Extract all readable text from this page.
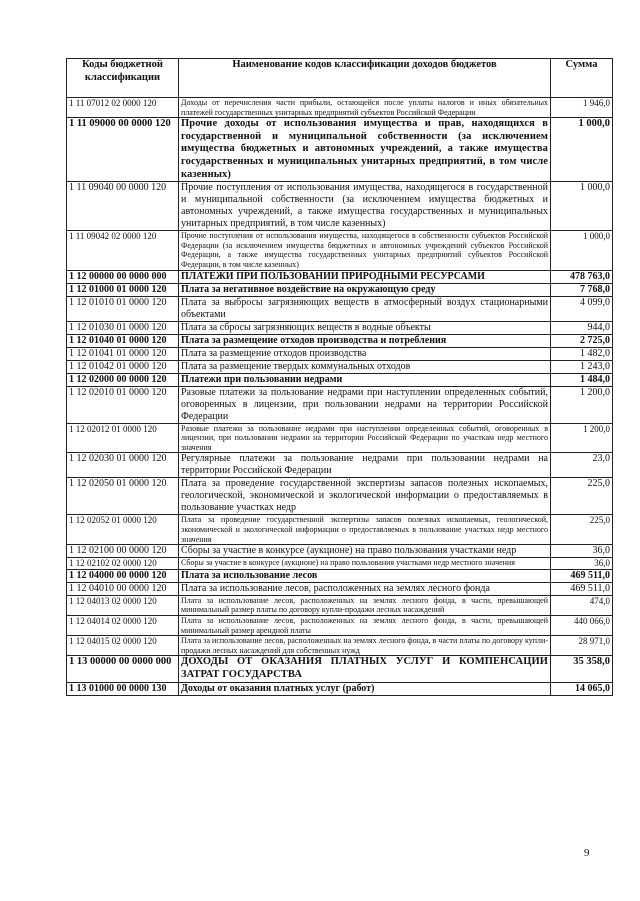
Коды бюджетной классификации	Наименование кодов классификации доходов бюджетов	Сумма
1 11 07012 02 0000 120	Доходы от перечисления части прибыли, остающейся после уплаты налогов и иных обязательных платежей государственных унитарных предприятий субъектов Российской Федерации	1 946,0
1 11 09000 00 0000 120	Прочие доходы от использования имущества и прав, находящихся в государственной и муниципальной собственности (за исключением имущества бюджетных и автономных учреждений, а также имущества государственных и муниципальных унитарных предприятий, в том числе казенных)	1 000,0
1 11 09040 00 0000 120	Прочие поступления от использования имущества, находящегося в государственной и муниципальной собственности (за исключением имущества бюджетных и автономных учреждений, а также имущества государственных и муниципальных унитарных предприятий, в том числе казенных)	1 000,0
1 11 09042 02 0000 120	Прочие поступления от использования имущества, находящегося в собственности субъектов Российской Федерации (за исключением имущества бюджетных и автономных учреждений субъектов Российской Федерации, а также имущества государственных унитарных предприятий субъектов Российской Федерации, в том числе казенных)	1 000,0
1 12 00000 00 0000 000	ПЛАТЕЖИ ПРИ ПОЛЬЗОВАНИИ ПРИРОДНЫМИ РЕСУРСАМИ	478 763,0
1 12 01000 01 0000 120	Плата за негативное воздействие на окружающую среду	7 768,0
1 12 01010 01 0000 120	Плата за выбросы загрязняющих веществ в атмосферный воздух стационарными объектами	4 099,0
1 12 01030 01 0000 120	Плата за сбросы загрязняющих веществ в водные объекты	944,0
1 12 01040 01 0000 120	Плата за размещение отходов производства и потребления	2 725,0
1 12 01041 01 0000 120	Плата за размещение отходов производства	1 482,0
1 12 01042 01 0000 120	Плата за размещение твердых коммунальных отходов	1 243,0
1 12 02000 00 0000 120	Платежи при пользовании недрами	1 484,0
1 12 02010 01 0000 120	Разовые платежи за пользование недрами при наступлении определенных событий, оговоренных в лицензии, при пользовании недрами на территории Российской Федерации	1 200,0
1 12 02012 01 0000 120	Разовые платежи за пользование недрами при наступлении определенных событий, оговоренных в лицензии, при пользовании недрами на территории Российской Федерации по участкам недр местного значения	1 200,0
1 12 02030 01 0000 120	Регулярные платежи за пользование недрами при пользовании недрами на территории Российской Федерации	23,0
1 12 02050 01 0000 120	Плата за проведение государственной экспертизы запасов полезных ископаемых, геологической, экономической и экологической информации о предоставляемых в пользование участках недр	225,0
1 12 02052 01 0000 120	Плата за проведение государственной экспертизы запасов полезных ископаемых, геологической, экономической и экологической информации о предоставляемых в пользование участках недр местного значения	225,0
1 12 02100 00 0000 120	Сборы за участие в конкурсе (аукционе) на право пользования участками недр	36,0
1 12 02102 02 0000 120	Сборы за участие в конкурсе (аукционе) на право пользования участками недр местного значения	36,0
1 12 04000 00 0000 120	Плата за использование лесов	469 511,0
1 12 04010 00 0000 120	Плата за использование лесов, расположенных на землях лесного фонда	469 511,0
1 12 04013 02 0000 120	Плата за использование лесов, расположенных на землях лесного фонда, в части, превышающей минимальный размер платы по договору купли-продажи лесных насаждений	474,0
1 12 04014 02 0000 120	Плата за использование лесов, расположенных на землях лесного фонда, в части, превышающей минимальный размер арендной платы	440 066,0
1 12 04015 02 0000 120	Плата за использование лесов, расположенных на землях лесного фонда, в части платы по договору купли-продажи лесных насаждений для собственных нужд	28 971,0
1 13 00000 00 0000 000	ДОХОДЫ ОТ ОКАЗАНИЯ ПЛАТНЫХ УСЛУГ И КОМПЕНСАЦИИ ЗАТРАТ ГОСУДАРСТВА	35 358,0
1 13 01000 00 0000 130	Доходы от оказания платных услуг (работ)	14 065,0
9
